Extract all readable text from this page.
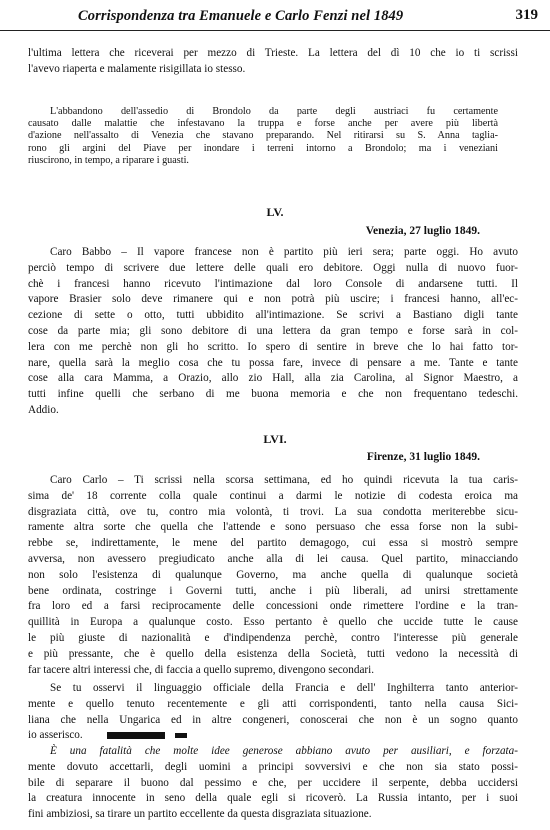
Corrispondenza tra Emanuele e Carlo Fenzi nel 1849	319

l'ultima lettera che riceverai per mezzo di Trieste. La lettera del dì 10 che io ti scrissi
l'avevo riaperta e malamente risigillata io stesso.

L'abbandono dell'assedio di Brondolo da parte degli austriaci fu certamente
causato dalle malattie che infestavano la truppa e forse anche per avere più libertà
d'azione nell'assalto di Venezia che stavano preparando. Nel ritirarsi su S. Anna taglia-
rono gli argini del Piave per inondare i terreni intorno a Brondolo; ma i veneziani
riuscirono, in tempo, a riparare i guasti.

LV.
Venezia, 27 luglio 1849.

Caro Babbo – Il vapore francese non è partito più ieri sera; parte oggi. Ho avuto
perciò tempo di scrivere due lettere delle quali ero debitore. Oggi nulla di nuovo fuor-
chè i francesi hanno ricevuto l'intimazione dal loro Console di andarsene tutti. Il
vapore Brasier solo deve rimanere qui e non potrà più uscire; i francesi hanno, all'ec-
cezione di sette o otto, tutti ubbidito all'intimazione. Se scrivi a Bastiano digli tante
cose da parte mia; gli sono debitore di una lettera da gran tempo e forse sarà in col-
lera con me perchè non gli ho scritto. Io spero di sentire in breve che lo hai fatto tor-
nare, quella sarà la meglio cosa che tu possa fare, invece di pensare a me. Tante e tante
cose alla cara Mamma, a Orazio, allo zio Hall, alla zia Carolina, al Signor Maestro, a
tutti infine quelli che serbano di me buona memoria e che non frequentano tedeschi.
Addio.

LVI.
Firenze, 31 luglio 1849.

Caro Carlo – Ti scrissi nella scorsa settimana, ed ho quindi ricevuta la tua caris-
sima de' 18 corrente colla quale continui a darmi le notizie di codesta eroica ma
disgraziata città, ove tu, contro mia volontà, ti trovi. La sua condotta meriterebbe sicu-
ramente altra sorte che quella che l'attende e sono persuaso che essa forse non la subi-
rebbe se, indirettamente, le mene del partito demagogo, cui essa si mostrò sempre
avversa, non avessero pregiudicato anche alla di lei causa. Quel partito, minacciando
non solo l'esistenza di qualunque Governo, ma anche quella di qualunque società
bene ordinata, costringe i Governi tutti, anche i più liberali, ad unirsi strettamente
fra loro ed a farsi reciprocamente delle concessioni onde rimettere l'ordine e la tran-
quillità in Europa a qualunque costo. Esso pertanto è quello che uccide tutte le cause
le più giuste di nazionalità e d'indipendenza perchè, contro l'interesse più generale
e più pressante, che è quello della esistenza della Società, tutti vedono la necessità di
far tacere altri interessi che, di faccia a quello supremo, divengono secondari.

Se tu osservi il linguaggio officiale della Francia e dell' Inghilterra tanto anterior-
mente e quello tenuto recentemente e gli atti corrispondenti, tanto nella causa Sici-
liana che nella Ungarica ed in altre congeneri, conoscerai che non è un sogno quanto
io asserisco.

È una fatalità che molte idee generose abbiano avuto per ausiliari, e forzata-
mente dovuto accettarli, degli uomini a principi sovversivi e che non sia stato possi-
bile di separare il buono dal pessimo e che, per uccidere il serpente, debba uccidersi
la creatura innocente in seno della quale egli si ricoverò. La Russia intanto, per i suoi
fini ambiziosi, sa tirare un partito eccellente da questa disgraziata situazione.
